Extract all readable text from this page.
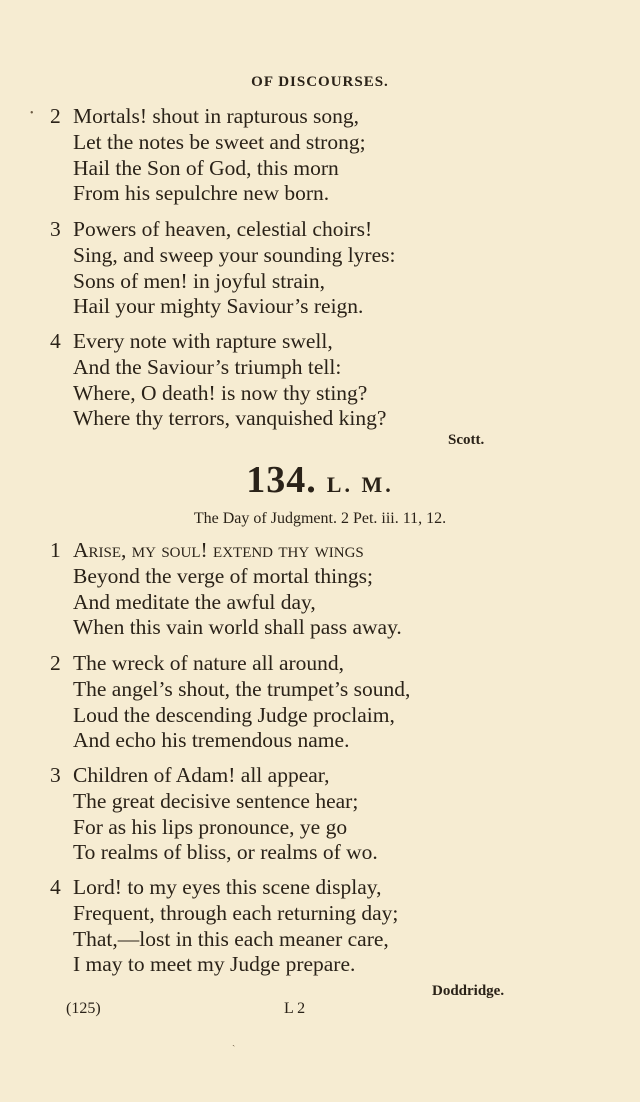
OF DISCOURSES.
• 2 Mortals! shout in rapturous song,
Let the notes be sweet and strong;
Hail the Son of God, this morn
From his sepulchre new born.
3 Powers of heaven, celestial choirs!
Sing, and sweep your sounding lyres:
Sons of men! in joyful strain,
Hail your mighty Saviour’s reign.
4 Every note with rapture swell,
And the Saviour’s triumph tell:
Where, O death! is now thy sting?
Where thy terrors, vanquished king?
Scott.
134. L. M.
The Day of Judgment. 2 Pet. iii. 11, 12.
1 Arise, my soul! extend thy wings
Beyond the verge of mortal things;
And meditate the awful day,
When this vain world shall pass away.
2 The wreck of nature all around,
The angel’s shout, the trumpet’s sound,
Loud the descending Judge proclaim,
And echo his tremendous name.
3 Children of Adam! all appear,
The great decisive sentence hear;
For as his lips pronounce, ye go
To realms of bliss, or realms of wo.
4 Lord! to my eyes this scene display,
Frequent, through each returning day;
That,—lost in this each meaner care,
I may to meet my Judge prepare.
Doddridge.
(125)	L 2
ˎ
